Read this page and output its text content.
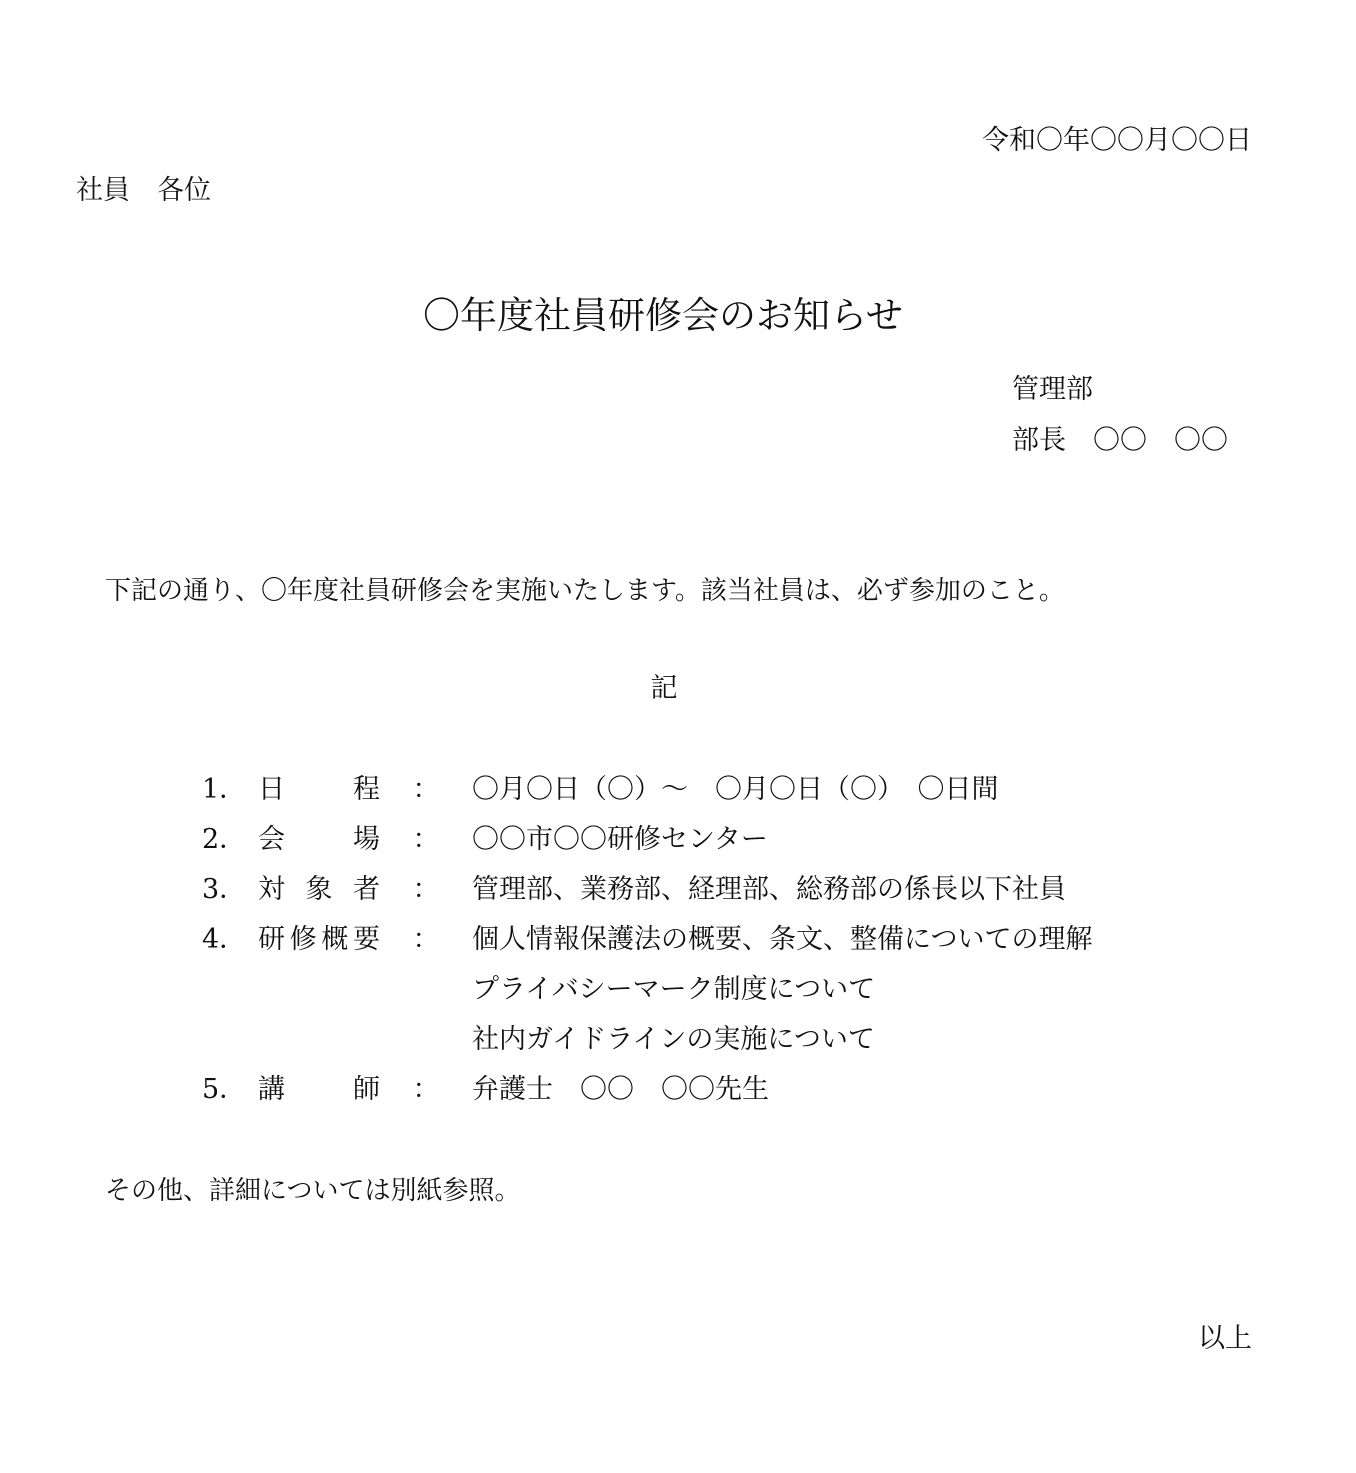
令和〇年〇〇月〇〇日
社員　各位
〇年度社員研修会のお知らせ
管理部
部長　〇〇　〇〇
下記の通り、〇年度社員研修会を実施いたします。該当社員は、必ず参加のこと。
記
1． 日	程	：	〇月〇日（〇）～　〇月〇日（〇）　〇日間
2． 会	場	：	〇〇市〇〇研修センター
3． 対 象 者	：	管理部、業務部、経理部、総務部の係長以下社員
4． 研 修 概 要	：	個人情報保護法の概要、条文、整備についての理解
プライバシーマーク制度について
社内ガイドラインの実施について
5． 講	師	：	弁護士　〇〇　〇〇先生
その他、詳細については別紙参照。
以上
